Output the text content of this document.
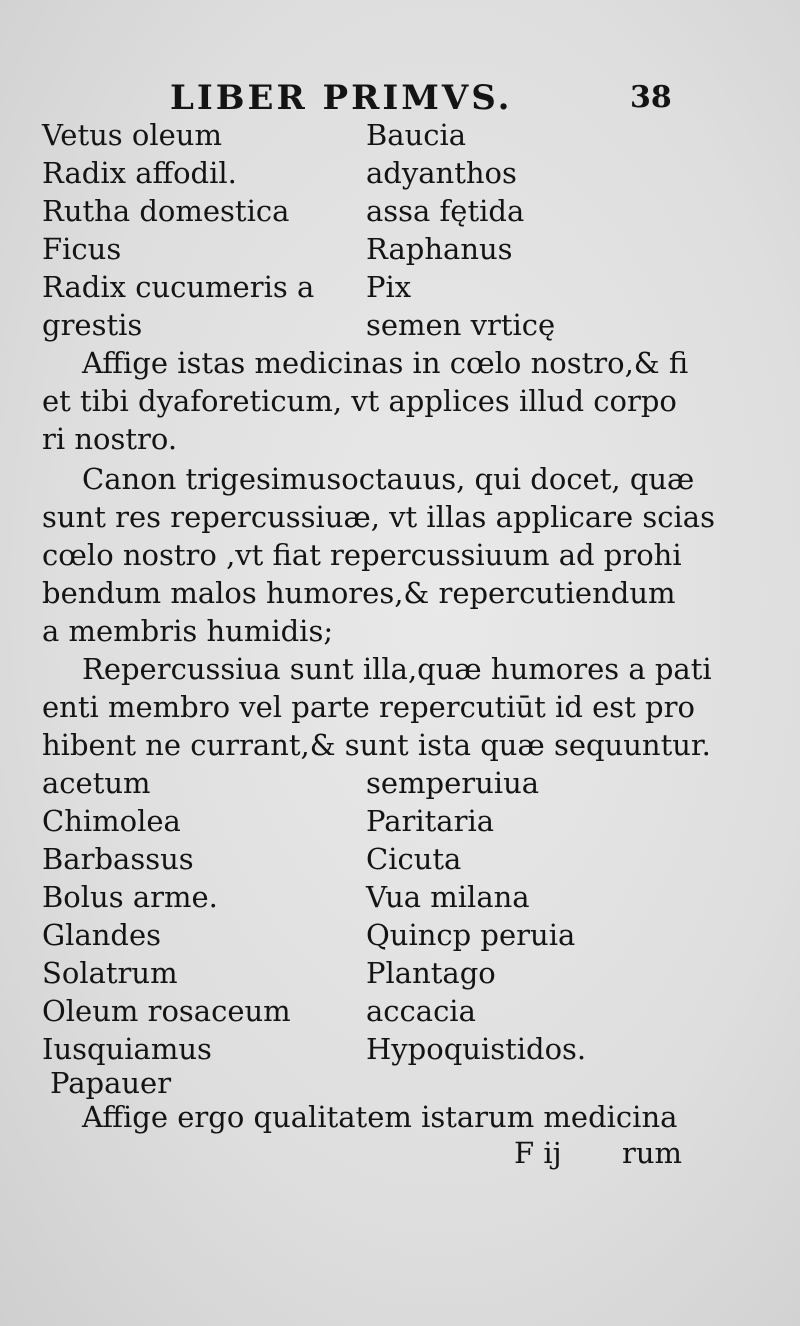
LIBER PRIMVS.	38
Vetus oleum
Radix affodil.
Rutha domestica
Ficus
Radix cucumeris a
grestis
Baucia
adyanthos
assa fętida
Raphanus
Pix
semen vrticę
Affige istas medicinas in cœlo nostro,& fi
et tibi dyaforeticum, vt applices illud corpo
ri nostro.
Canon trigesimusoctauus, qui docet, quæ
sunt res repercussiuæ, vt illas applicare scias
cœlo nostro ,vt fiat repercussiuum ad prohi
bendum malos humores,& repercutiendum
a membris humidis;
Repercussiua sunt illa,quæ humores a pati
enti membro vel parte repercutiūt id est pro
hibent ne currant,& sunt ista quæ sequuntur.
acetum
Chimolea
Barbassus
Bolus arme.
Glandes
Solatrum
Oleum rosaceum
Iusquiamus
Papauer
semperuiua
Paritaria
Cicuta
Vua milana
Quincp peruia
Plantago
accacia
Hypoquistidos.
Affige ergo qualitatem istarum medicina
F ij rum
